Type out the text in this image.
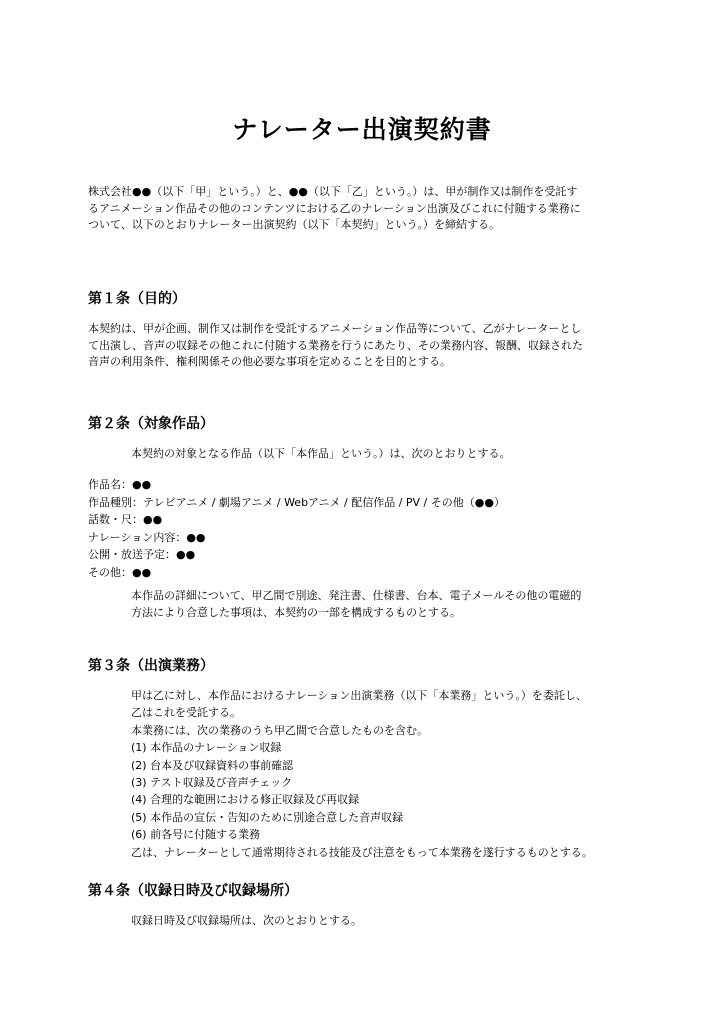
ナレーター出演契約書
株式会社●●（以下「甲」という。）と、●●（以下「乙」という。）は、甲が制作又は制作を受託す
るアニメーション作品その他のコンテンツにおける乙のナレーション出演及びこれに付随する業務に
ついて、以下のとおりナレーター出演契約（以下「本契約」という。）を締結する。
第１条（目的）
本契約は、甲が企画、制作又は制作を受託するアニメーション作品等について、乙がナレーターとし
て出演し、音声の収録その他これに付随する業務を行うにあたり、その業務内容、報酬、収録された
音声の利用条件、権利関係その他必要な事項を定めることを目的とする。
第２条（対象作品）
本契約の対象となる作品（以下「本作品」という。）は、次のとおりとする。
作品名：●●
作品種別：テレビアニメ / 劇場アニメ / Webアニメ / 配信作品 / PV / その他（●●）
話数・尺：●●
ナレーション内容：●●
公開・放送予定：●●
その他：●●
本作品の詳細について、甲乙間で別途、発注書、仕様書、台本、電子メールその他の電磁的
方法により合意した事項は、本契約の一部を構成するものとする。
第３条（出演業務）
甲は乙に対し、本作品におけるナレーション出演業務（以下「本業務」という。）を委託し、
乙はこれを受託する。
本業務には、次の業務のうち甲乙間で合意したものを含む。
(1) 本作品のナレーション収録
(2) 台本及び収録資料の事前確認
(3) テスト収録及び音声チェック
(4) 合理的な範囲における修正収録及び再収録
(5) 本作品の宣伝・告知のために別途合意した音声収録
(6) 前各号に付随する業務
乙は、ナレーターとして通常期待される技能及び注意をもって本業務を遂行するものとする。
第４条（収録日時及び収録場所）
収録日時及び収録場所は、次のとおりとする。
